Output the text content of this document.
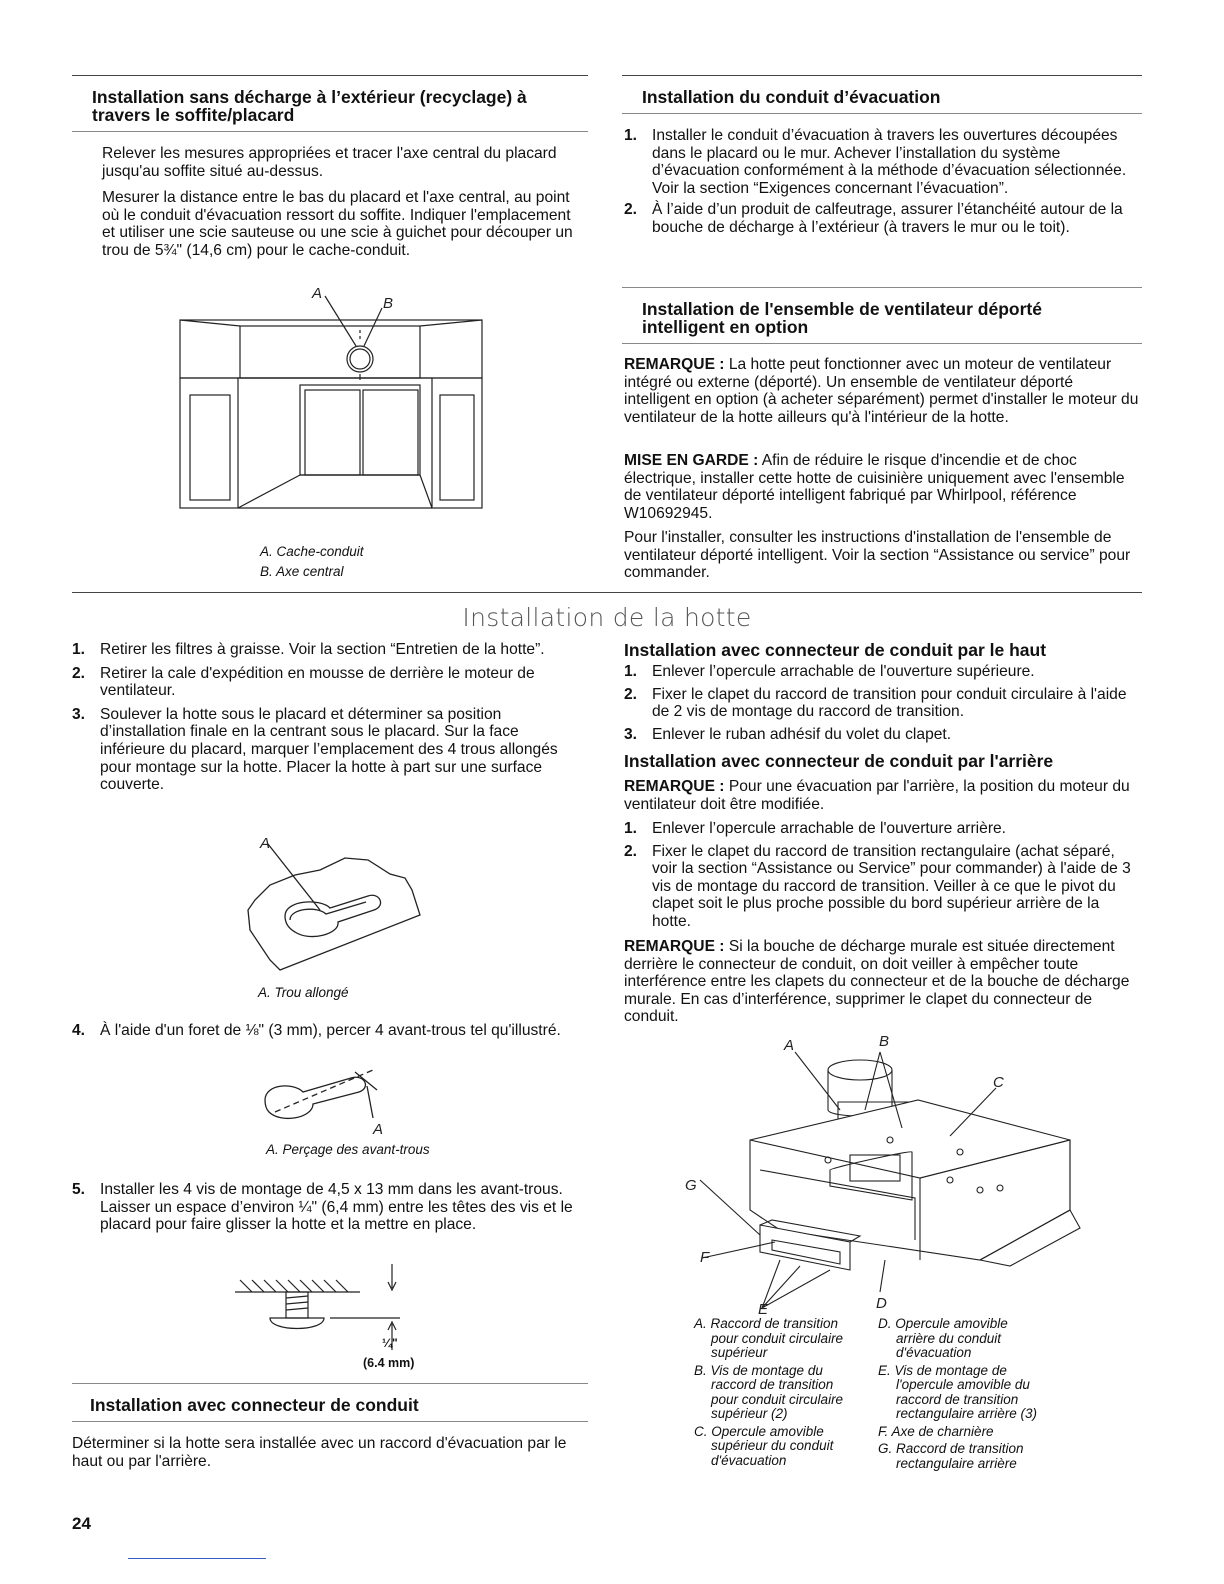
Installation sans décharge à l’extérieur (recyclage) à travers le soffite/placard

Relever les mesures appropriées et tracer l'axe central du placard jusqu'au soffite situé au-dessus.

Mesurer la distance entre le bas du placard et l'axe central, au point où le conduit d'évacuation ressort du soffite. Indiquer l'emplacement et utiliser une scie sauteuse ou une scie à guichet pour découper un trou de 5¾" (14,6 cm) pour le cache-conduit.

A
B
A. Cache-conduit
B. Axe central
Installation du conduit d’évacuation
1. Installer le conduit d’évacuation à travers les ouvertures découpées dans le placard ou le mur. Achever l’installation du système d’évacuation conformément à la méthode d’évacuation sélectionnée. Voir la section “Exigences concernant l’évacuation”.
2. À l’aide d’un produit de calfeutrage, assurer l’étanchéité autour de la bouche de décharge à l’extérieur (à travers le mur ou le toit).
Installation de l'ensemble de ventilateur déporté intelligent en option

REMARQUE : La hotte peut fonctionner avec un moteur de ventilateur intégré ou externe (déporté). Un ensemble de ventilateur déporté intelligent en option (à acheter séparément) permet d'installer le moteur du ventilateur de la hotte ailleurs qu'à l'intérieur de la hotte.

MISE EN GARDE : Afin de réduire le risque d'incendie et de choc électrique, installer cette hotte de cuisinière uniquement avec l'ensemble de ventilateur déporté intelligent fabriqué par Whirlpool, référence W10692945.

Pour l'installer, consulter les instructions d'installation de l'ensemble de ventilateur déporté intelligent. Voir la section “Assistance ou service” pour commander.

Installation de la hotte
1. Retirer les filtres à graisse. Voir la section “Entretien de la hotte”.
2. Retirer la cale d'expédition en mousse de derrière le moteur de ventilateur.
3. Soulever la hotte sous le placard et déterminer sa position d’installation finale en la centrant sous le placard. Sur la face inférieure du placard, marquer l’emplacement des 4 trous allongés pour montage sur la hotte. Placer la hotte à part sur une surface couverte.
A
A. Trou allongé
4. À l'aide d'un foret de ⅛" (3 mm), percer 4 avant-trous tel qu'illustré.
A
A. Perçage des avant-trous
5. Installer les 4 vis de montage de 4,5 x 13 mm dans les avant-trous. Laisser un espace d’environ ¼" (6,4 mm) entre les têtes des vis et le placard pour faire glisser la hotte et la mettre en place.
¼"
(6.4 mm)
Installation avec connecteur de conduit

Déterminer si la hotte sera installée avec un raccord d'évacuation par le haut ou par l'arrière.

Installation avec connecteur de conduit par le haut
1. Enlever l’opercule arrachable de l'ouverture supérieure.
2. Fixer le clapet du raccord de transition pour conduit circulaire à l'aide de 2 vis de montage du raccord de transition.
3. Enlever le ruban adhésif du volet du clapet.
Installation avec connecteur de conduit par l'arrière

REMARQUE : Pour une évacuation par l'arrière, la position du moteur du ventilateur doit être modifiée.

1. Enlever l’opercule arrachable de l'ouverture arrière.
2. Fixer le clapet du raccord de transition rectangulaire (achat séparé, voir la section “Assistance ou Service” pour commander) à l'aide de 3 vis de montage du raccord de transition. Veiller à ce que le pivot du clapet soit le plus proche possible du bord supérieur arrière de la hotte.

REMARQUE : Si la bouche de décharge murale est située directement derrière le connecteur de conduit, on doit veiller à empêcher toute interférence entre les clapets du connecteur et de la bouche de décharge murale. En cas d’interférence, supprimer le clapet du connecteur de conduit.

A	B
C
D
E
F
G
A. Raccord de transition
pour conduit circulaire
supérieur
B. Vis de montage du
raccord de transition
pour conduit circulaire
supérieur (2)
C. Opercule amovible
supérieur du conduit
d'évacuation
D. Opercule amovible
arrière du conduit
d'évacuation
E. Vis de montage de
l'opercule amovible du
raccord de transition
rectangulaire arrière (3)
F. Axe de charnière
G. Raccord de transition
rectangulaire arrière
24
